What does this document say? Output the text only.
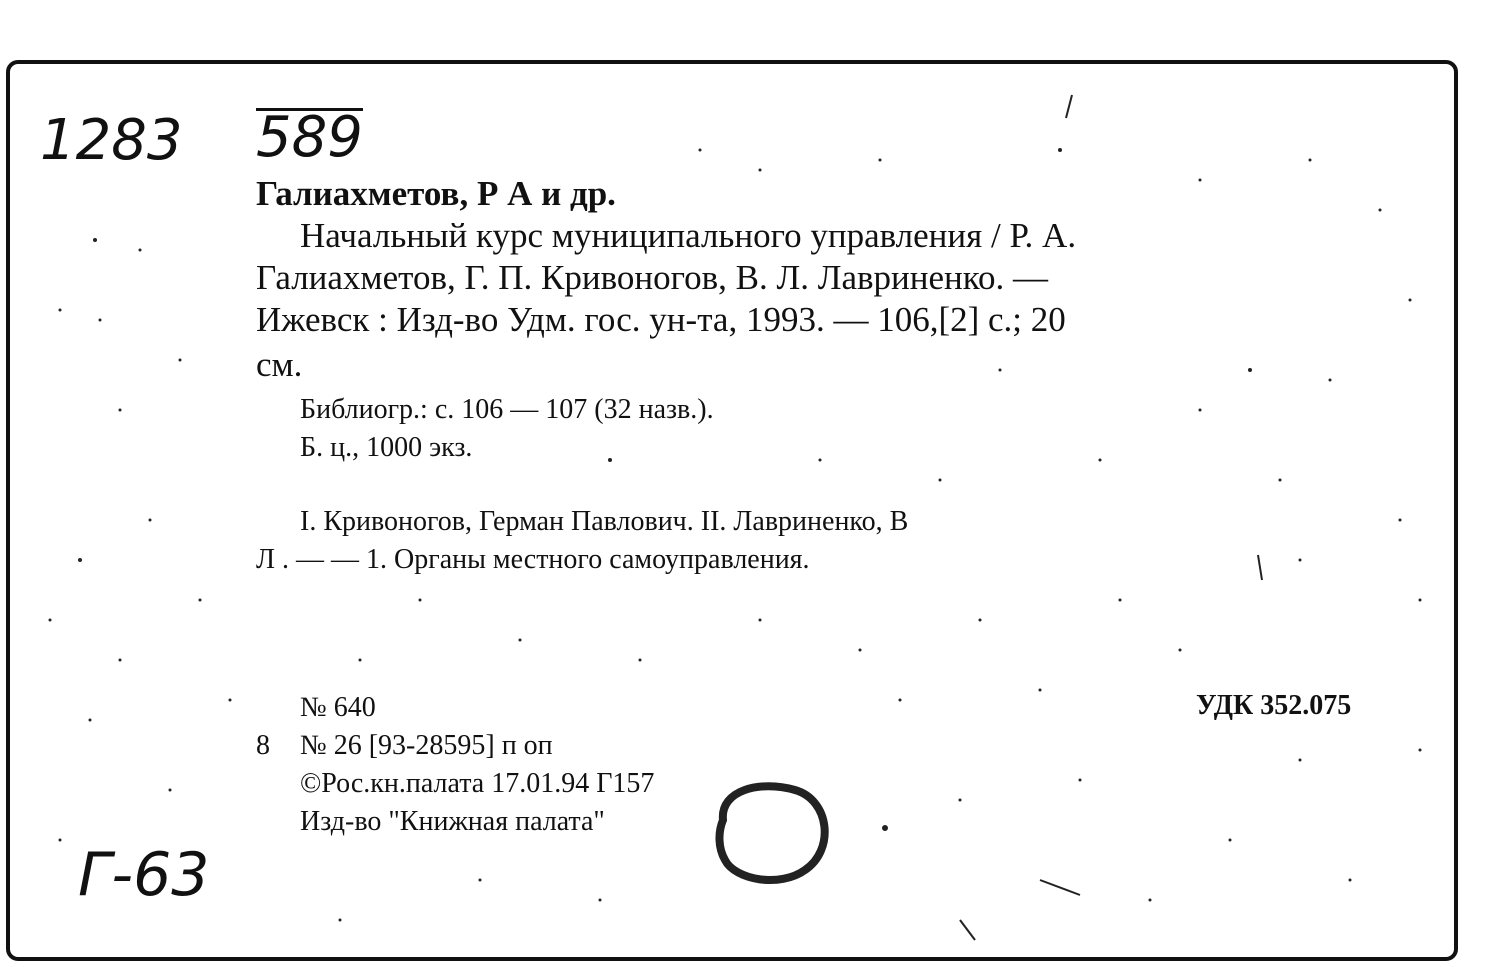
1283 589
Г-63
Галиахметов, Р А и др.
Начальный курс муниципального управления / Р. А.
Галиахметов, Г. П. Кривоногов, В. Л. Лавриненко. —
Ижевск : Изд-во Удм. гос. ун-та, 1993. — 106,[2] с.; 20
см.
Библиогр.: с. 106 — 107 (32 назв.).
Б. ц., 1000 экз.
I. Кривоногов, Герман Павлович. II. Лавриненко, В
Л . — — 1. Органы местного самоуправления.
№ 640	УДК 352.075
8 № 26 [93-28595] п оп
©Рос.кн.палата 17.01.94 Г157
Изд-во "Книжная палата"
